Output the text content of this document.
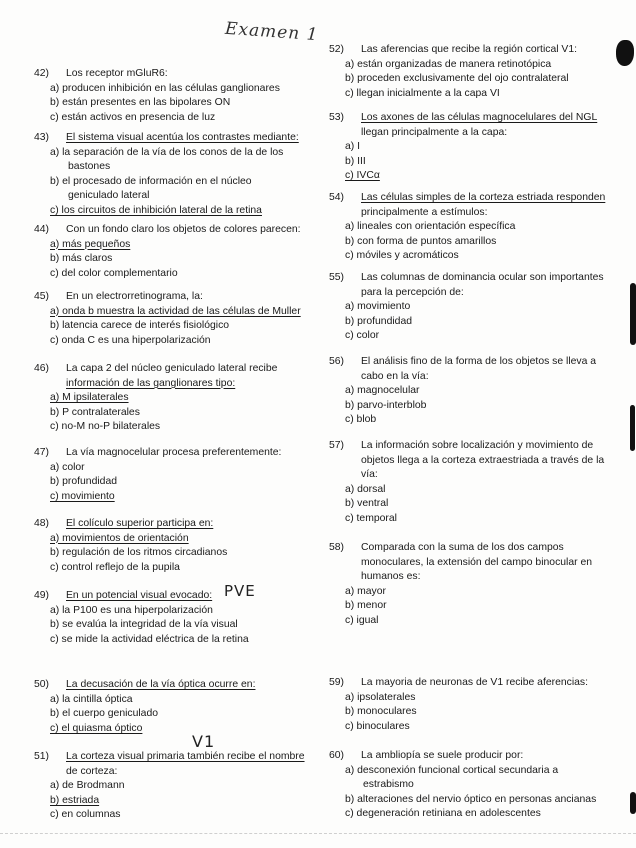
Examen 1
PVE
V1
42) Los receptor mGluR6:
a) producen inhibición en las células ganglionares
b) están presentes en las bipolares ON
c) están activos en presencia de luz
43) El sistema visual acentúa los contrastes mediante:
a) la separación de la vía de los conos de la de los
bastones
b) el procesado de información en el núcleo
geniculado lateral
c) los circuitos de inhibición lateral de la retina
44) Con un fondo claro los objetos de colores parecen:
a) más pequeños
b) más claros
c) del color complementario
45) En un electrorretinograma, la:
a) onda b muestra la actividad de las células de Muller
b) latencia carece de interés fisiológico
c) onda C es una hiperpolarización
46) La capa 2 del núcleo geniculado lateral recibe
información de las ganglionares tipo:
a) M ipsilaterales
b) P contralaterales
c) no-M no-P bilaterales
47) La vía magnocelular procesa preferentemente:
a) color
b) profundidad
c) movimiento
48) El colículo superior participa en:
a) movimientos de orientación
b) regulación de los ritmos circadianos
c) control reflejo de la pupila
49) En un potencial visual evocado:
a) la P100 es una hiperpolarización
b) se evalúa la integridad de la vía visual
c) se mide la actividad eléctrica de la retina
50) La decusación de la vía óptica ocurre en:
a) la cintilla óptica
b) el cuerpo geniculado
c) el quiasma óptico
51) La corteza visual primaria también recibe el nombre
de corteza:
a) de Brodmann
b) estriada
c) en columnas
52) Las aferencias que recibe la región cortical V1:
a) están organizadas de manera retinotópica
b) proceden exclusivamente del ojo contralateral
c) llegan inicialmente a la capa VI
53) Los axones de las células magnocelulares del NGL
llegan principalmente a la capa:
a) I
b) III
c) IVCα
54) Las células simples de la corteza estriada responden
principalmente a estímulos:
a) lineales con orientación específica
b) con forma de puntos amarillos
c) móviles y acromáticos
55) Las columnas de dominancia ocular son importantes
para la percepción de:
a) movimiento
b) profundidad
c) color
56) El análisis fino de la forma de los objetos se lleva a
cabo en la vía:
a) magnocelular
b) parvo-interblob
c) blob
57) La información sobre localización y movimiento de
objetos llega a la corteza extraestriada a través de la
vía:
a) dorsal
b) ventral
c) temporal
58) Comparada con la suma de los dos campos
monoculares, la extensión del campo binocular en
humanos es:
a) mayor
b) menor
c) igual
59) La mayoria de neuronas de V1 recibe aferencias:
a) ipsolaterales
b) monoculares
c) binoculares
60) La ambliopía se suele producir por:
a) desconexión funcional cortical secundaria a
estrabismo
b) alteraciones del nervio óptico en personas ancianas
c) degeneración retiniana en adolescentes
